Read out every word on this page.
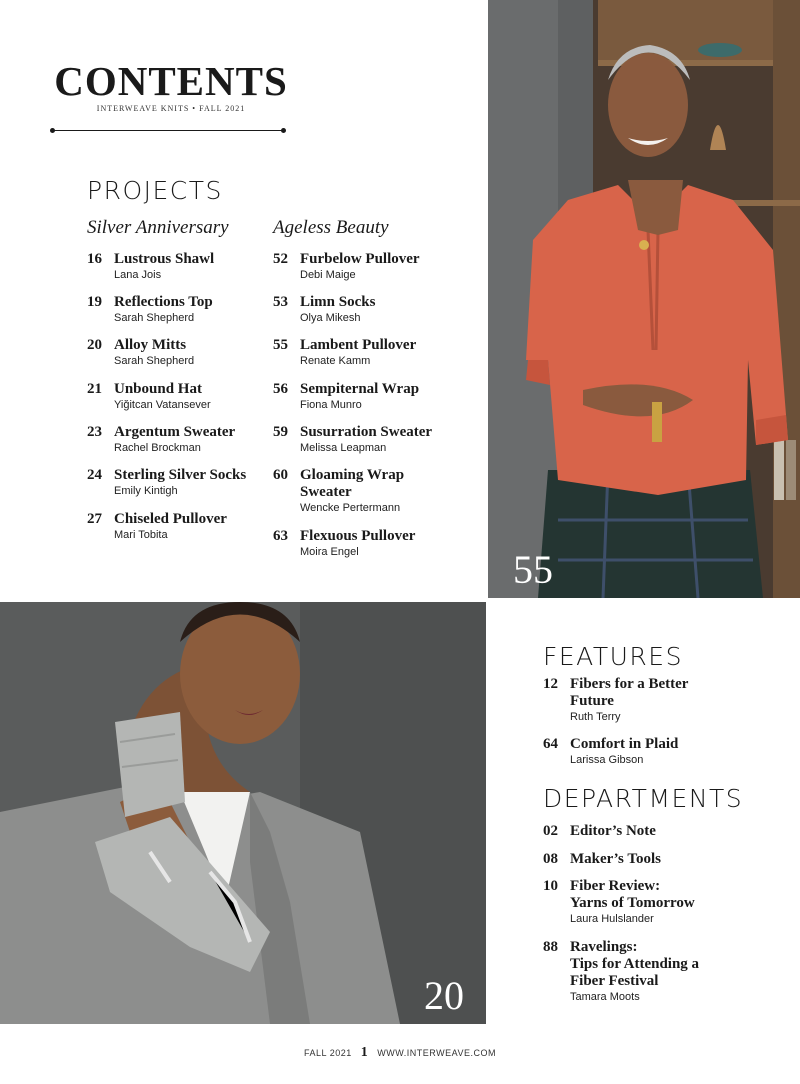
CONTENTS
INTERWEAVE KNITS • FALL 2021
PROJECTS
Silver Anniversary Ageless Beauty
16 Lustrous Shawl
Lana Jois
19 Reflections Top
Sarah Shepherd
20 Alloy Mitts
Sarah Shepherd
21 Unbound Hat
Yiğitcan Vatansever
23 Argentum Sweater
Rachel Brockman
24 Sterling Silver Socks
Emily Kintigh
27 Chiseled Pullover
Mari Tobita
52 Furbelow Pullover
Debi Maige
53 Limn Socks
Olya Mikesh
55 Lambent Pullover
Renate Kamm
56 Sempiternal Wrap
Fiona Munro
59 Susurration Sweater
Melissa Leapman
60 Gloaming Wrap
Sweater
Wencke Pertermann
63 Flexuous Pullover
Moira Engel	55
20
FEATURES
12 Fibers for a Better
Future
Ruth Terry
64 Comfort in Plaid
Larissa Gibson
DEPARTMENTS
02 Editor’s Note
08 Maker’s Tools
10 Fiber Review:
Yarns of Tomorrow
Laura Hulslander
88 Ravelings:
Tips for Attending a
Fiber Festival
Tamara Moots
FALL 2021 1 WWW.INTERWEAVE.COM
